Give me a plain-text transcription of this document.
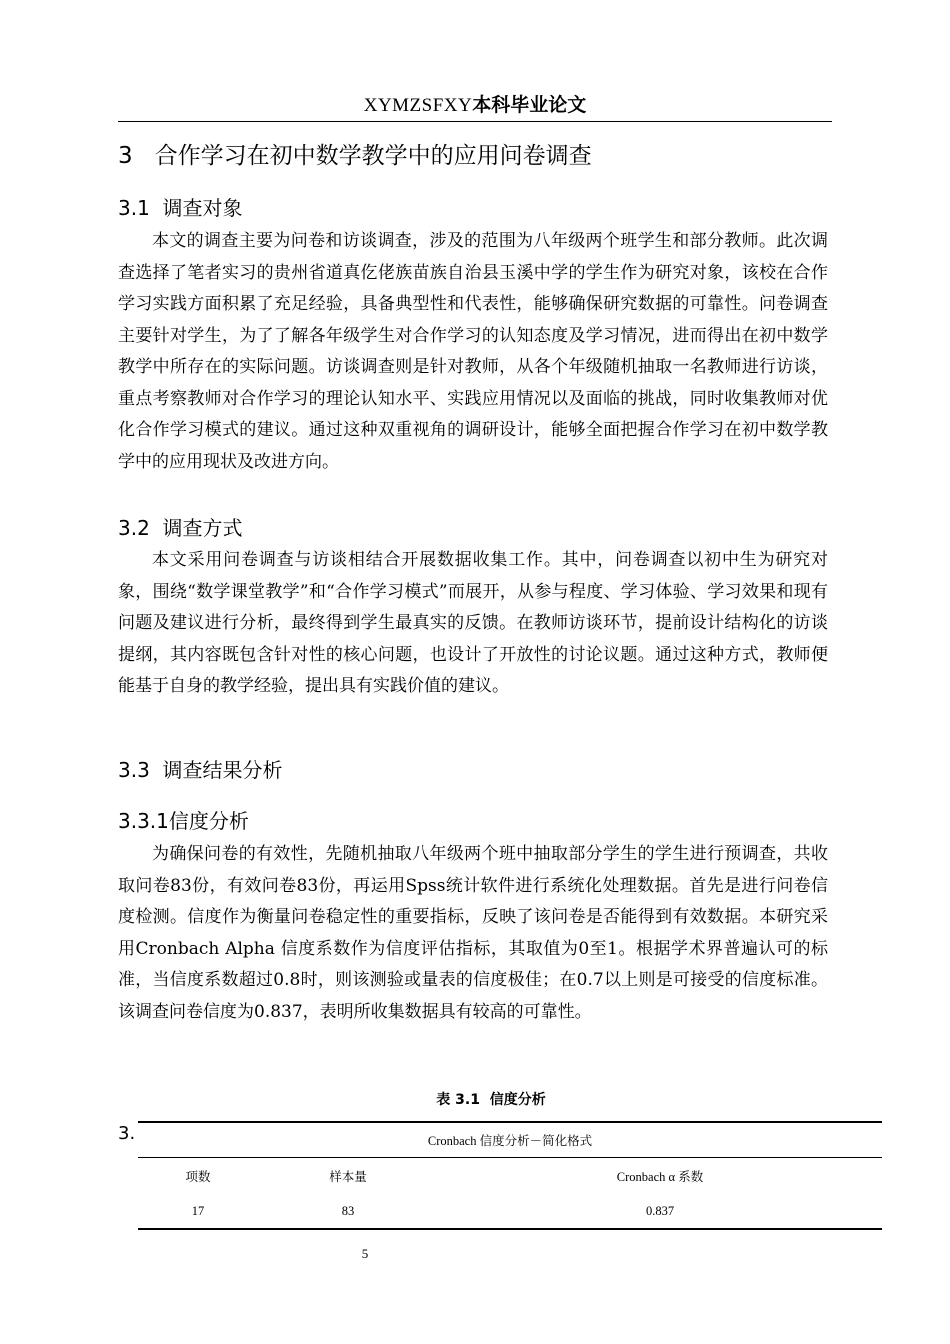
XYMZSFXY本科毕业论文
3   合作学习在初中数学教学中的应用问卷调查
3.1  调查对象

本文的调查主要为问卷和访谈调查，涉及的范围为八年级两个班学生和部分教师。此次调查选择了笔者实习的贵州省道真仡佬族苗族自治县玉溪中学的学生作为研究对象，该校在合作学习实践方面积累了充足经验，具备典型性和代表性，能够确保研究数据的可靠性。问卷调查主要针对学生，为了了解各年级学生对合作学习的认知态度及学习情况，进而得出在初中数学教学中所存在的实际问题。访谈调查则是针对教师，从各个年级随机抽取一名教师进行访谈，重点考察教师对合作学习的理论认知水平、实践应用情况以及面临的挑战，同时收集教师对优化合作学习模式的建议。通过这种双重视角的调研设计，能够全面把握合作学习在初中数学教学中的应用现状及改进方向。

3.2  调查方式

本文采用问卷调查与访谈相结合开展数据收集工作。其中，问卷调查以初中生为研究对象，围绕“数学课堂教学”和“合作学习模式”而展开，从参与程度、学习体验、学习效果和现有问题及建议进行分析，最终得到学生最真实的反馈。在教师访谈环节，提前设计结构化的访谈提纲，其内容既包含针对性的核心问题，也设计了开放性的讨论议题。通过这种方式，教师便能基于自身的教学经验，提出具有实践价值的建议。

3.3  调查结果分析
3.3.1信度分析

为确保问卷的有效性，先随机抽取八年级两个班中抽取部分学生的学生进行预调查，共收取问卷83份，有效问卷83份，再运用Spss统计软件进行系统化处理数据。首先是进行问卷信度检测。信度作为衡量问卷稳定性的重要指标，反映了该问卷是否能得到有效数据。本研究采用Cronbach Alpha 信度系数作为信度评估指标，其取值为0至1。根据学术界普遍认可的标准，当信度系数超过0.8时，则该测验或量表的信度极佳；在0.7以上则是可接受的信度标准。该调查问卷信度为0.837，表明所收集数据具有较高的可靠性。

表 3.1  信度分析
3.	Cronbach 信度分析－简化格式		
项数	样本量	Cronbach α 系数
17	83	0.837
5
